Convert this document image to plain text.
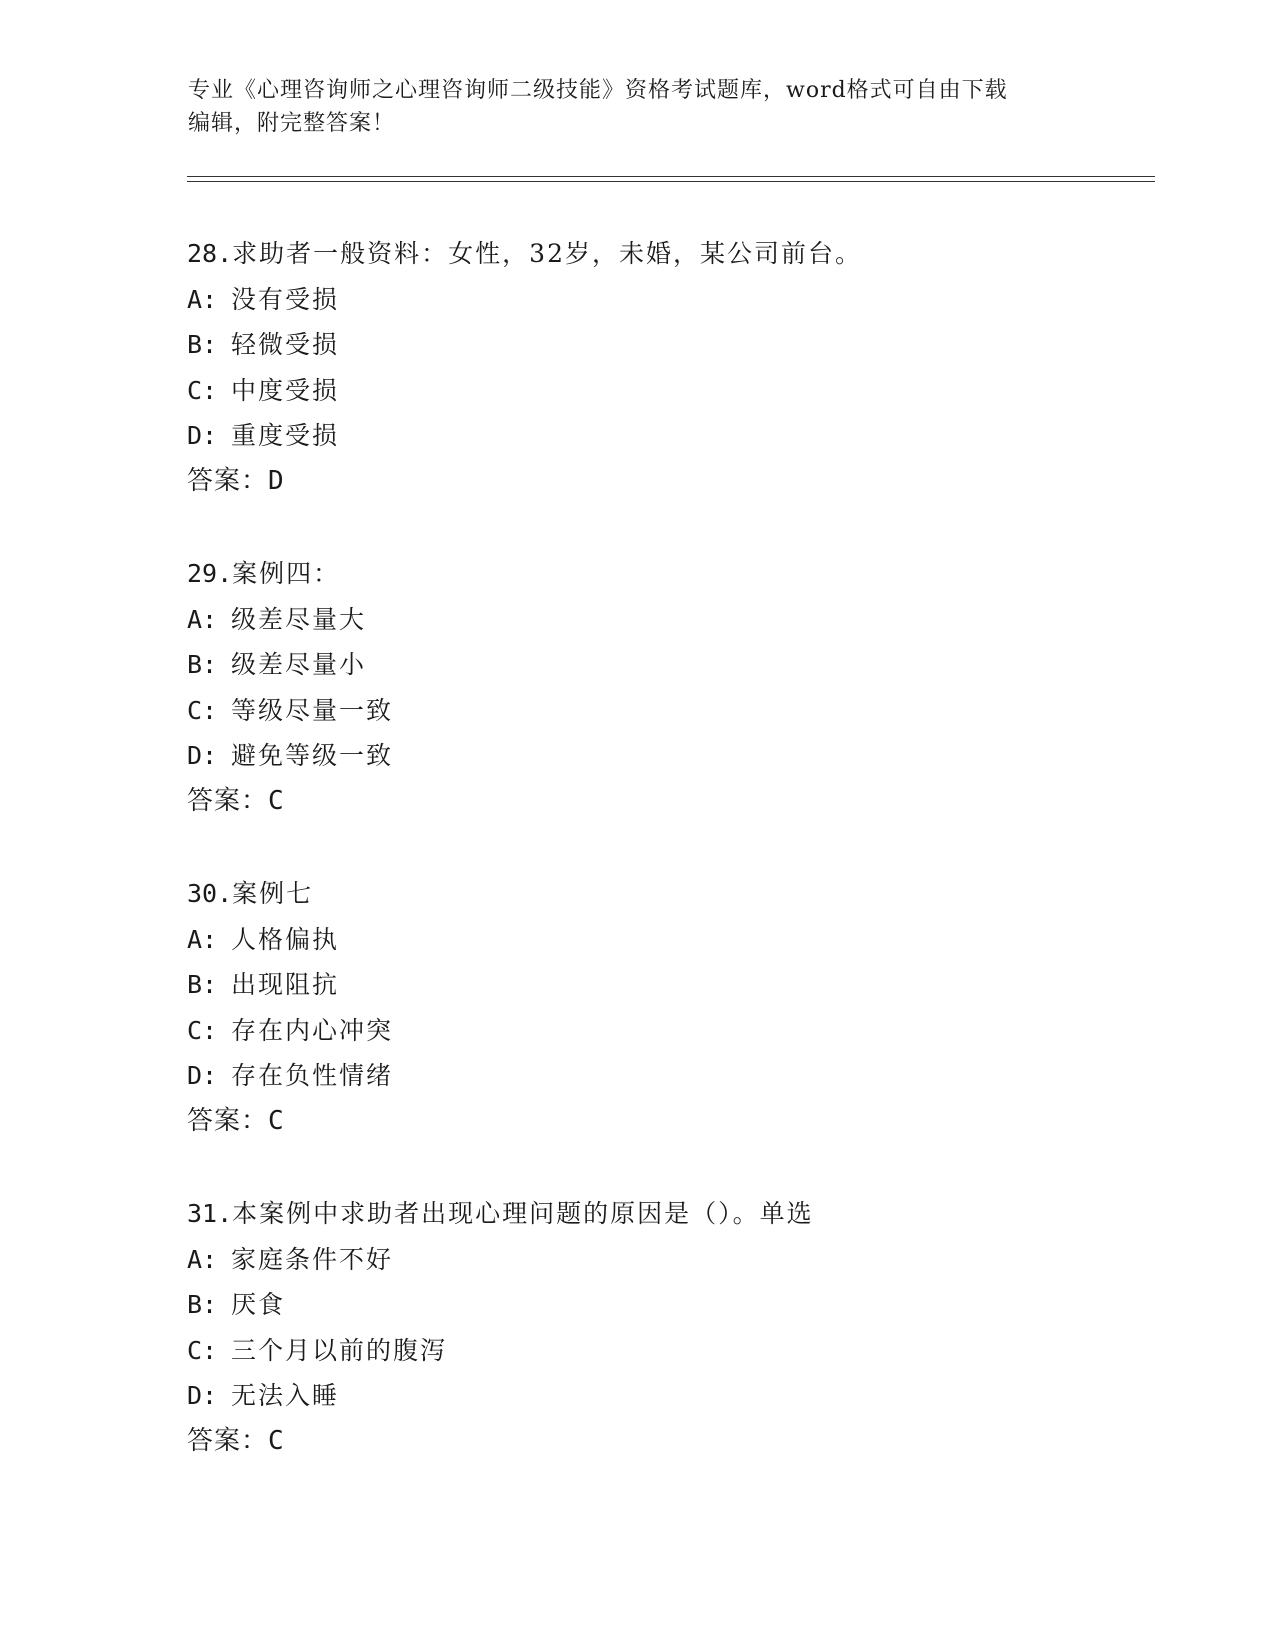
专业《心理咨询师之心理咨询师二级技能》资格考试题库，word格式可自由下载
编辑，附完整答案！
28.求助者一般资料：女性，32岁，未婚，某公司前台。
A: 没有受损
B: 轻微受损
C: 中度受损
D: 重度受损
答案：D
29.案例四：
A: 级差尽量大
B: 级差尽量小
C: 等级尽量一致
D: 避免等级一致
答案：C
30.案例七
A: 人格偏执
B: 出现阻抗
C: 存在内心冲突
D: 存在负性情绪
答案：C
31.本案例中求助者出现心理问题的原因是（）。单选
A: 家庭条件不好
B: 厌食
C: 三个月以前的腹泻
D: 无法入睡
答案：C
